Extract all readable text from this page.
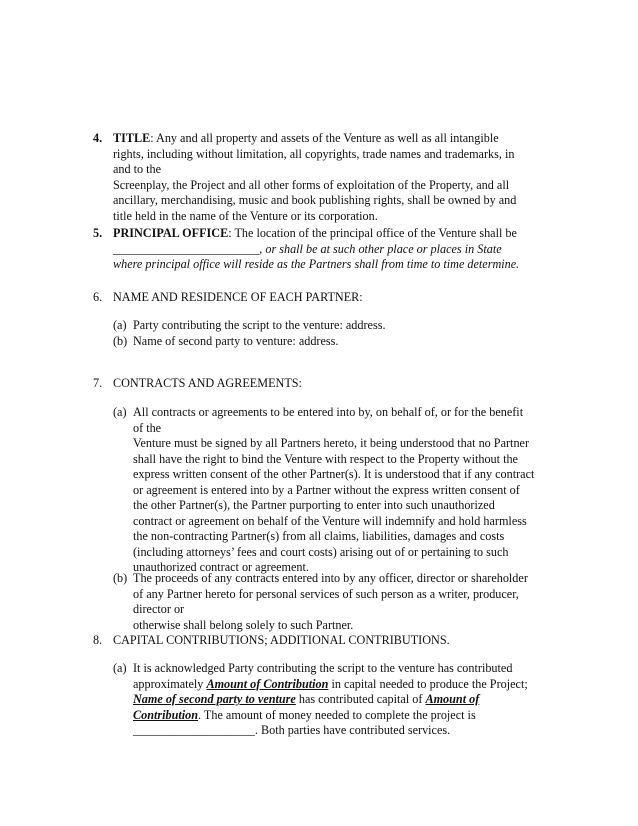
4. TITLE: Any and all property and assets of the Venture as well as all intangible
rights, including without limitation, all copyrights, trade names and trademarks, in
and to the
Screenplay, the Project and all other forms of exploitation of the Property, and all
ancillary, merchandising, music and book publishing rights, shall be owned by and
title held in the name of the Venture or its corporation.
5. PRINCIPAL OFFICE: The location of the principal office of the Venture shall be
________________________, or shall be at such other place or places in State
where principal office will reside as the Partners shall from time to time determine.
6. NAME AND RESIDENCE OF EACH PARTNER:
(a) Party contributing the script to the venture: address.
(b) Name of second party to venture: address.
7. CONTRACTS AND AGREEMENTS:
(a) All contracts or agreements to be entered into by, on behalf of, or for the benefit
of the
Venture must be signed by all Partners hereto, it being understood that no Partner
shall have the right to bind the Venture with respect to the Property without the
express written consent of the other Partner(s). It is understood that if any contract
or agreement is entered into by a Partner without the express written consent of
the other Partner(s), the Partner purporting to enter into such unauthorized
contract or agreement on behalf of the Venture will indemnify and hold harmless
the non-contracting Partner(s) from all claims, liabilities, damages and costs
(including attorneys’ fees and court costs) arising out of or pertaining to such
unauthorized contract or agreement.
(b) The proceeds of any contracts entered into by any officer, director or shareholder
of any Partner hereto for personal services of such person as a writer, producer,
director or
otherwise shall belong solely to such Partner.
8. CAPITAL CONTRIBUTIONS; ADDITIONAL CONTRIBUTIONS.
(a) It is acknowledged Party contributing the script to the venture has contributed
approximately Amount of Contribution in capital needed to produce the Project;
Name of second party to venture has contributed capital of Amount of
Contribution. The amount of money needed to complete the project is
____________________. Both parties have contributed services.
